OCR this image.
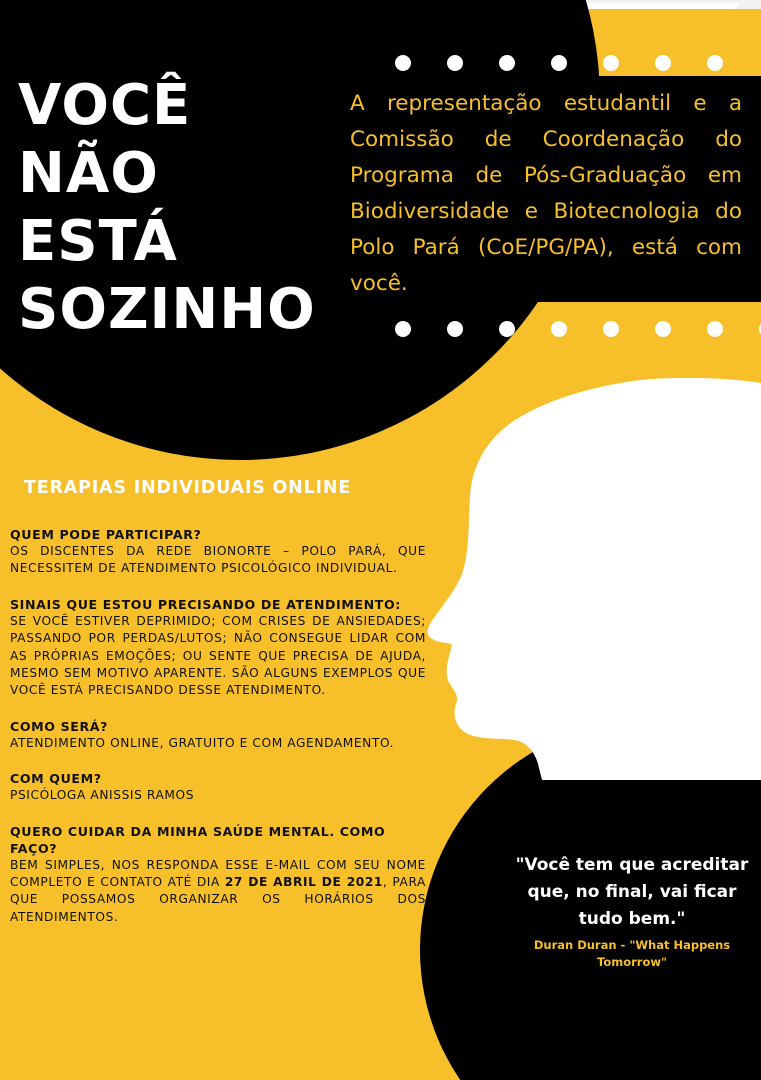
VOCÊ
NÃO
ESTÁ
SOZINHO

A representação estudantil e a Comissão de Coordenação do Programa de Pós-Graduação em Biodiversidade e Biotecnologia do Polo Pará (CoE/PG/PA), está com você.

TERAPIAS INDIVIDUAIS ONLINE

QUEM PODE PARTICIPAR?

OS DISCENTES DA REDE BIONORTE – POLO PARÁ, QUE NECESSITEM DE ATENDIMENTO PSICOLÓGICO INDIVIDUAL.

SINAIS QUE ESTOU PRECISANDO DE ATENDIMENTO:

SE VOCÊ ESTIVER DEPRIMIDO; COM CRISES DE ANSIEDADES; PASSANDO POR PERDAS/LUTOS; NÃO CONSEGUE LIDAR COM AS PRÓPRIAS EMOÇÕES; OU SENTE QUE PRECISA DE AJUDA, MESMO SEM MOTIVO APARENTE. SÃO ALGUNS EXEMPLOS QUE VOCÊ ESTÁ PRECISANDO DESSE ATENDIMENTO.

COMO SERÁ?

ATENDIMENTO ONLINE, GRATUITO E COM AGENDAMENTO.

COM QUEM?

PSICÓLOGA ANISSIS RAMOS

QUERO CUIDAR DA MINHA SAÚDE MENTAL. COMO FAÇO?

BEM SIMPLES, NOS RESPONDA ESSE E-MAIL COM SEU NOME COMPLETO E CONTATO ATÉ DIA 27 DE ABRIL DE 2021, PARA QUE POSSAMOS ORGANIZAR OS HORÁRIOS DOS ATENDIMENTOS.

"Você tem que acreditar que, no final, vai ficar tudo bem."

Duran Duran - "What Happens Tomorrow"
